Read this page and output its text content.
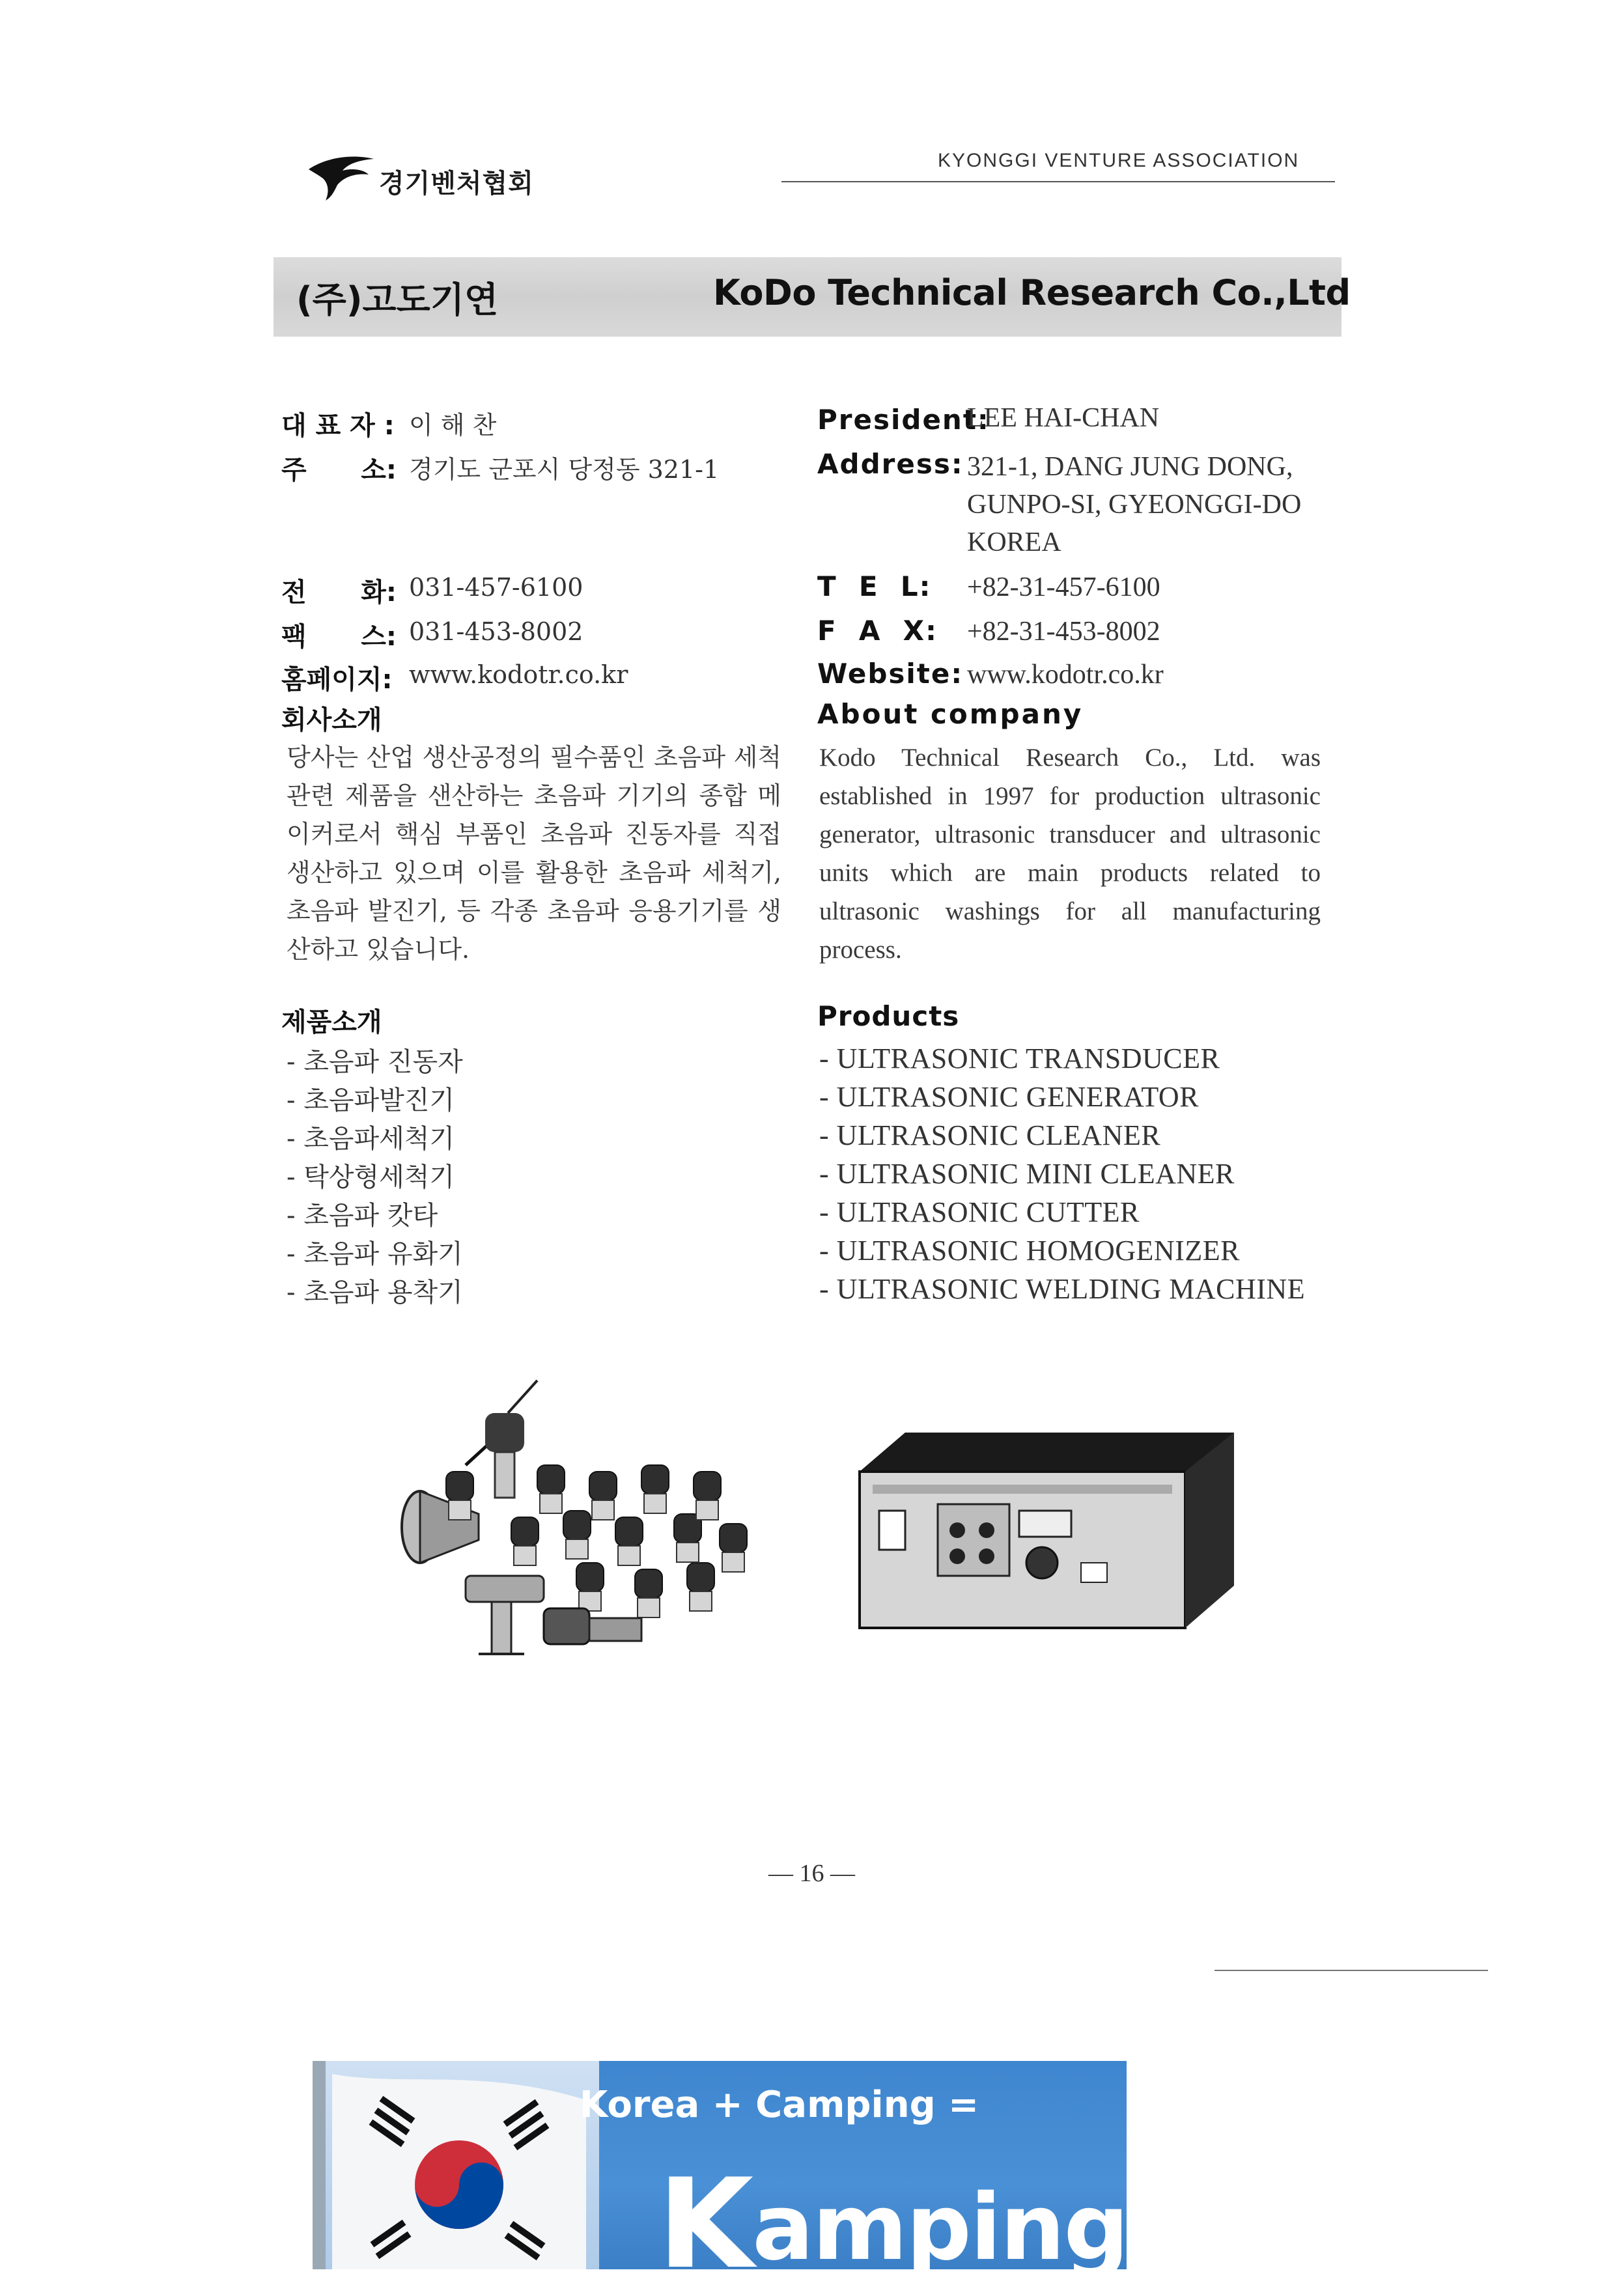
경기벤처협회
KYONGGI VENTURE ASSOCIATION
(주)고도기연	KoDo Technical Research Co.,Ltd
대 표 자 : 이 해 찬
주      소: 경기도 군포시 당정동 321-1
전      화: 031-457-6100
팩      스: 031-453-8002
홈페이지: www.kodotr.co.kr
회사소개
당사는 산업 생산공정의 필수품인 초음파 세척 관련 제품을 샌산하는 초음파 기기의 종합 메이커로서 핵심 부품인 초음파 진동자를 직접 생산하고 있으며 이를 활용한 초음파 세척기, 초음파 발진기, 등 각종 초음파 응용기기를 생산하고 있습니다.
제품소개
- 초음파 진동자
- 초음파발진기
- 초음파세척기
- 탁상형세척기
- 초음파 캇타
- 초음파 유화기
- 초음파 용착기
President:
LEE HAI-CHAN
Address: 321-1, DANG JUNG DONG,
GUNPO-SI, GYEONGGI-DO
KOREA
T  E  L: +82-31-457-6100
F  A  X: +82-31-453-8002
Website: www.kodotr.co.kr
About company
Kodo Technical Research Co., Ltd. was established in 1997 for production ultrasonic generator, ultrasonic transducer and ultrasonic units which are main products related to ultrasonic washings for all manufacturing process.
Products
- ULTRASONIC TRANSDUCER
- ULTRASONIC GENERATOR
- ULTRASONIC CLEANER
- ULTRASONIC MINI CLEANER
- ULTRASONIC CUTTER
- ULTRASONIC HOMOGENIZER
- ULTRASONIC WELDING MACHINE
— 16 —
Korea + Camping =
Kamping.co.kr
